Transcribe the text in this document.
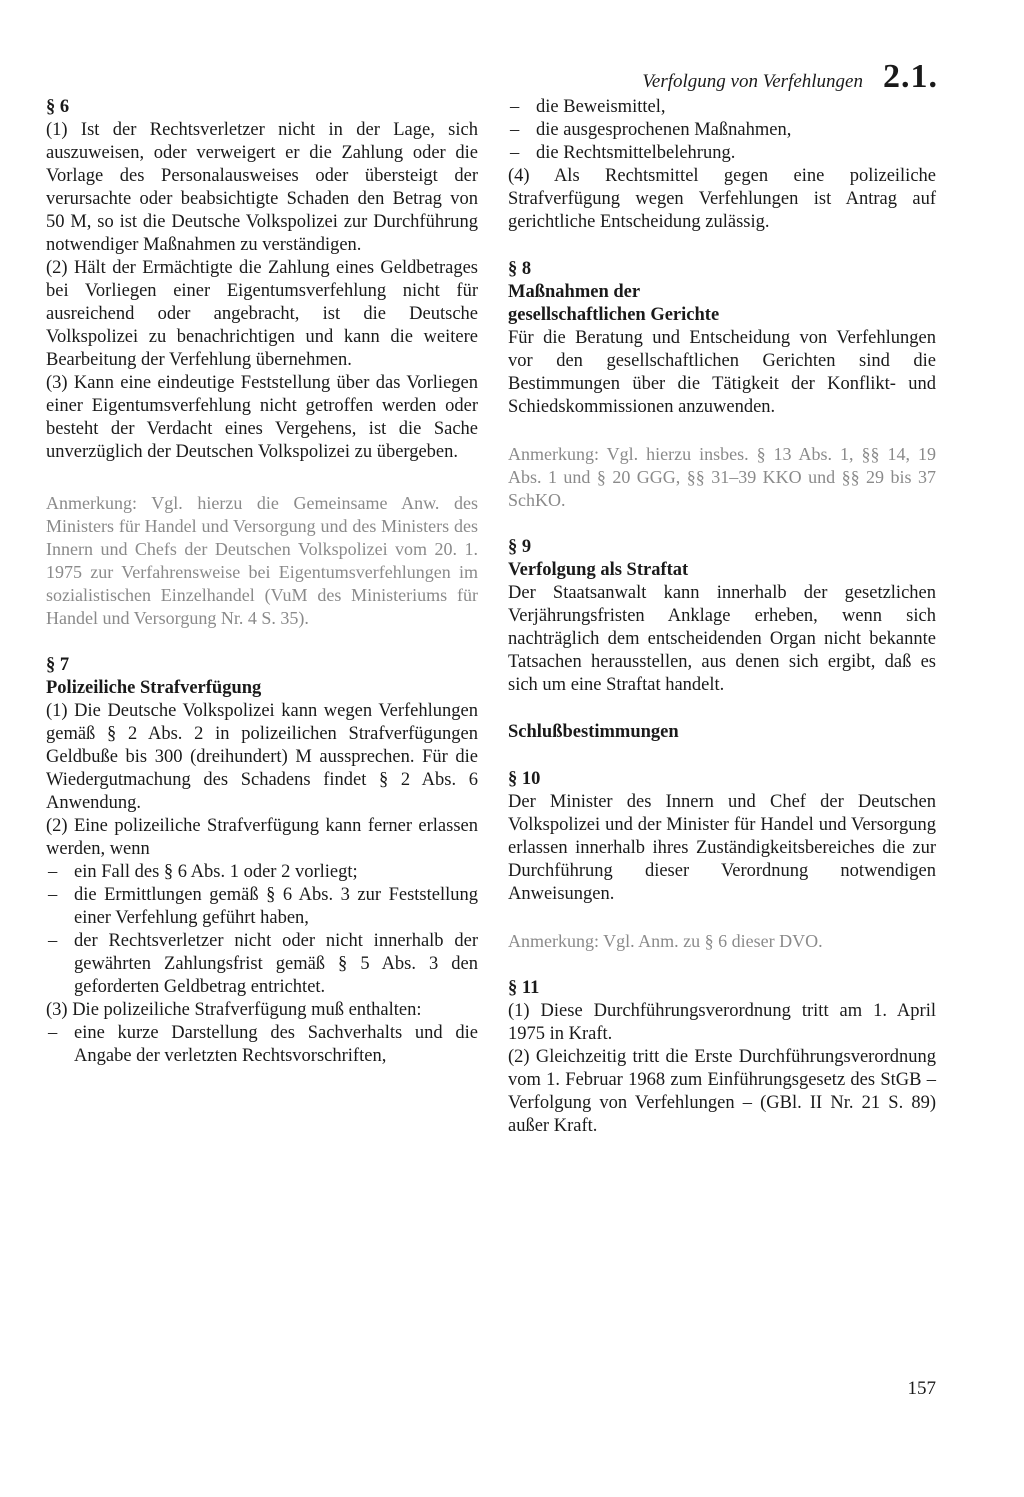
Verfolgung von Verfehlungen 2.1.

§ 6

(1) Ist der Rechtsverletzer nicht in der Lage, sich auszuweisen, oder verweigert er die Zahlung oder die Vorlage des Personalausweises oder übersteigt der verursachte oder beabsichtigte Schaden den Betrag von 50 M, so ist die Deutsche Volkspolizei zur Durchführung notwendiger Maßnahmen zu verständigen.

(2) Hält der Ermächtigte die Zahlung eines Geldbetrages bei Vorliegen einer Eigentumsverfehlung nicht für ausreichend oder angebracht, ist die Deutsche Volkspolizei zu benachrichtigen und kann die weitere Bearbeitung der Verfehlung übernehmen.

(3) Kann eine eindeutige Feststellung über das Vorliegen einer Eigentumsverfehlung nicht getroffen werden oder besteht der Verdacht eines Vergehens, ist die Sache unverzüglich der Deutschen Volkspolizei zu übergeben.

Anmerkung: Vgl. hierzu die Gemeinsame Anw. des Ministers für Handel und Versorgung und des Ministers des Innern und Chefs der Deutschen Volkspolizei vom 20. 1. 1975 zur Verfahrensweise bei Eigentumsverfehlungen im sozialistischen Einzelhandel (VuM des Ministeriums für Handel und Versorgung Nr. 4 S. 35).

§ 7

Polizeiliche Strafverfügung

(1) Die Deutsche Volkspolizei kann wegen Verfehlungen gemäß § 2 Abs. 2 in polizeilichen Strafverfügungen Geldbuße bis 300 (dreihundert) M aussprechen. Für die Wiedergutmachung des Schadens findet § 2 Abs. 6 Anwendung.

(2) Eine polizeiliche Strafverfügung kann ferner erlassen werden, wenn

– ein Fall des § 6 Abs. 1 oder 2 vorliegt;
– die Ermittlungen gemäß § 6 Abs. 3 zur Feststellung einer Verfehlung geführt haben,
– der Rechtsverletzer nicht oder nicht innerhalb der gewährten Zahlungsfrist gemäß § 5 Abs. 3 den geforderten Geldbetrag entrichtet.

(3) Die polizeiliche Strafverfügung muß enthalten:

– eine kurze Darstellung des Sachverhalts und die Angabe der verletzten Rechtsvorschriften,
– die Beweismittel,
– die ausgesprochenen Maßnahmen,
– die Rechtsmittelbelehrung.

(4) Als Rechtsmittel gegen eine polizeiliche Strafverfügung wegen Verfehlungen ist Antrag auf gerichtliche Entscheidung zulässig.

§ 8

Maßnahmen der

gesellschaftlichen Gerichte

Für die Beratung und Entscheidung von Verfehlungen vor den gesellschaftlichen Gerichten sind die Bestimmungen über die Tätigkeit der Konflikt- und Schiedskommissionen anzuwenden.

Anmerkung: Vgl. hierzu insbes. § 13 Abs. 1, §§ 14, 19 Abs. 1 und § 20 GGG, §§ 31–39 KKO und §§ 29 bis 37 SchKO.

§ 9

Verfolgung als Straftat

Der Staatsanwalt kann innerhalb der gesetzlichen Verjährungsfristen Anklage erheben, wenn sich nachträglich dem entscheidenden Organ nicht bekannte Tatsachen herausstellen, aus denen sich ergibt, daß es sich um eine Straftat handelt.

Schlußbestimmungen

§ 10

Der Minister des Innern und Chef der Deutschen Volkspolizei und der Minister für Handel und Versorgung erlassen innerhalb ihres Zuständigkeitsbereiches die zur Durchführung dieser Verordnung notwendigen Anweisungen.

Anmerkung: Vgl. Anm. zu § 6 dieser DVO.

§ 11

(1) Diese Durchführungsverordnung tritt am 1. April 1975 in Kraft.

(2) Gleichzeitig tritt die Erste Durchführungsverordnung vom 1. Februar 1968 zum Einführungsgesetz des StGB – Verfolgung von Verfehlungen – (GBl. II Nr. 21 S. 89) außer Kraft.

157
